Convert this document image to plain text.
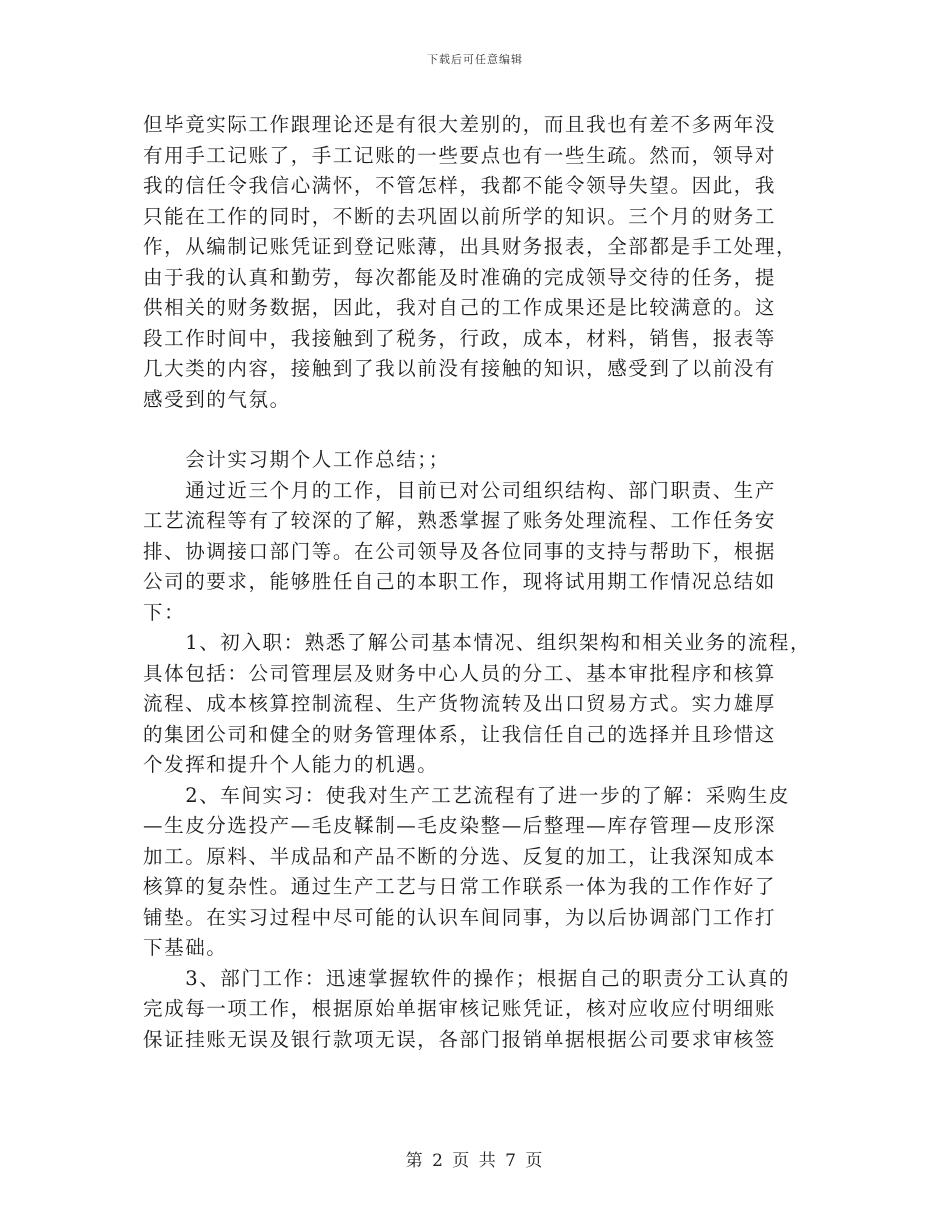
下载后可任意编辑

但毕竟实际工作跟理论还是有很大差别的，而且我也有差不多两年没
有用手工记账了，手工记账的一些要点也有一些生疏。然而，领导对
我的信任令我信心满怀，不管怎样，我都不能令领导失望。因此，我
只能在工作的同时，不断的去巩固以前所学的知识。三个月的财务工
作，从编制记账凭证到登记账薄，出具财务报表，全部都是手工处理，
由于我的认真和勤劳，每次都能及时准确的完成领导交待的任务，提
供相关的财务数据，因此，我对自己的工作成果还是比较满意的。这
段工作时间中，我接触到了税务，行政，成本，材料，销售，报表等
几大类的内容，接触到了我以前没有接触的知识，感受到了以前没有
感受到的气氛。

　　会计实习期个人工作总结；；

　　通过近三个月的工作，目前已对公司组织结构、部门职责、生产
工艺流程等有了较深的了解，熟悉掌握了账务处理流程、工作任务安
排、协调接口部门等。在公司领导及各位同事的支持与帮助下，根据
公司的要求，能够胜任自己的本职工作，现将试用期工作情况总结如
下：

　　1、初入职：熟悉了解公司基本情况、组织架构和相关业务的流程，
具体包括：公司管理层及财务中心人员的分工、基本审批程序和核算
流程、成本核算控制流程、生产货物流转及出口贸易方式。实力雄厚
的集团公司和健全的财务管理体系，让我信任自己的选择并且珍惜这
个发挥和提升个人能力的机遇。

　　2、车间实习：使我对生产工艺流程有了进一步的了解：采购生皮
—生皮分选投产—毛皮鞣制—毛皮染整—后整理—库存管理—皮形深
加工。原料、半成品和产品不断的分选、反复的加工，让我深知成本
核算的复杂性。通过生产工艺与日常工作联系一体为我的工作作好了
铺垫。在实习过程中尽可能的认识车间同事，为以后协调部门工作打
下基础。

　　3、部门工作：迅速掌握软件的操作；根据自己的职责分工认真的
完成每一项工作，根据原始单据审核记账凭证，核对应收应付明细账
保证挂账无误及银行款项无误，各部门报销单据根据公司要求审核签

第 2 页 共 7 页
